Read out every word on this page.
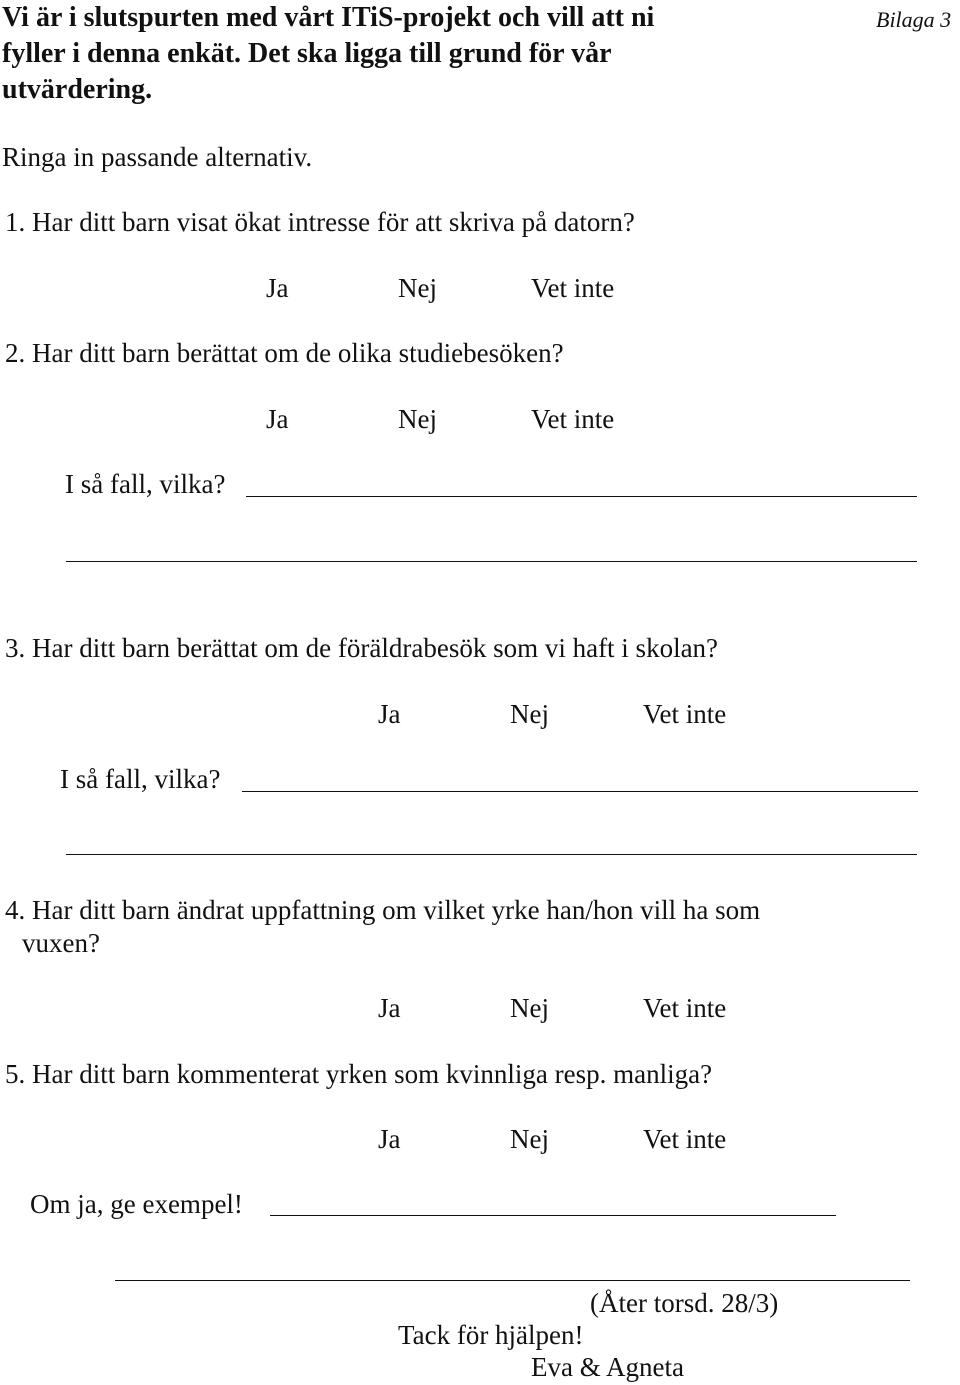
Vi är i slutspurten med vårt ITiS-projekt och vill att ni
fyller i denna enkät. Det ska ligga till grund för vår
utvärdering.
Bilaga 3
Ringa in passande alternativ.
1. Har ditt barn visat ökat intresse för att skriva på datorn?
Ja	Nej	Vet inte
2. Har ditt barn berättat om de olika studiebesöken?
Ja	Nej	Vet inte
I så fall, vilka?
3. Har ditt barn berättat om de föräldrabesök som vi haft i skolan?
Ja	Nej	Vet inte
I så fall, vilka?
4. Har ditt barn ändrat uppfattning om vilket yrke han/hon vill ha som
vuxen?
Ja	Nej	Vet inte
5. Har ditt barn kommenterat yrken som kvinnliga resp. manliga?
Ja	Nej	Vet inte
Om ja, ge exempel!
(Åter torsd. 28/3)
Tack för hjälpen!
Eva & Agneta
